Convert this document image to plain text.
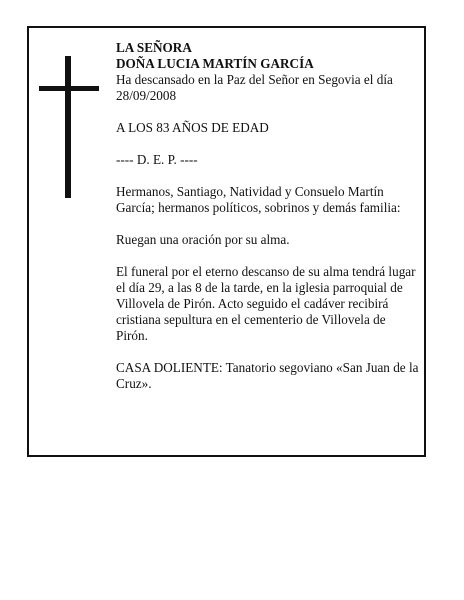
LA SEÑORA

DOÑA LUCIA MARTÍN GARCÍA

Ha descansado en la Paz del Señor en Segovia el día 28/09/2008

A LOS 83 AÑOS DE EDAD

---- D. E. P. ----

Hermanos, Santiago, Natividad y Consuelo Martín García; hermanos políticos, sobrinos y demás familia:

Ruegan una oración por su alma.

El funeral por el eterno descanso de su alma tendrá lugar el día 29, a las 8 de la tarde, en la iglesia parroquial de Villovela de Pirón. Acto seguido el cadáver recibirá cristiana sepultura en el cementerio de Villovela de Pirón.

CASA DOLIENTE: Tanatorio segoviano «San Juan de la Cruz».
